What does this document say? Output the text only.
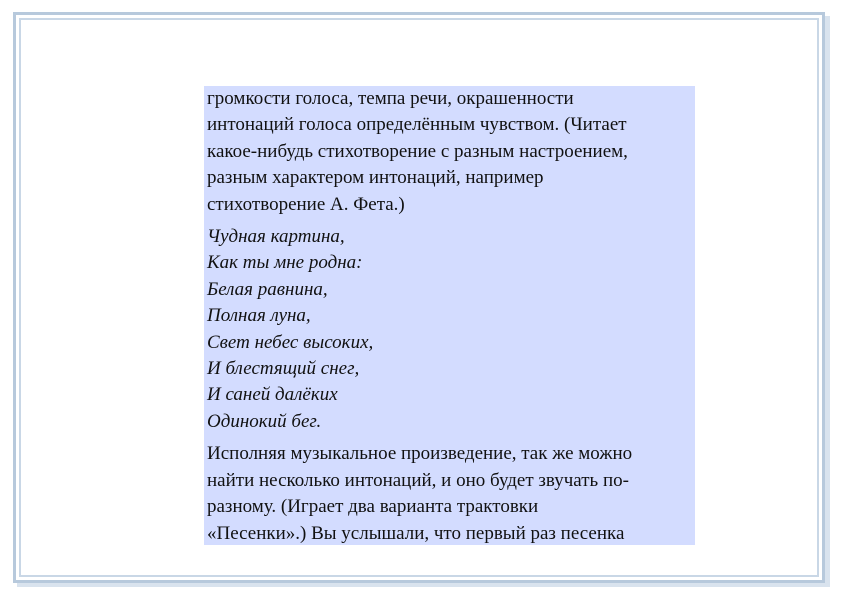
громкости голоса, темпа речи, окрашенности
интонаций голоса определённым чувством. (Читает
какое-нибудь стихотворение с разным настроением,
разным характером интонаций, например
стихотворение А. Фета.)

Чудная картина,
Как ты мне родна:
Белая равнина,
Полная луна,
Свет небес высоких,
И блестящий снег,
И саней далёких
Одинокий бег.

Исполняя музыкальное произведение, так же можно
найти несколько интонаций, и оно будет звучать по-
разному. (Играет два варианта трактовки
«Песенки».) Вы услышали, что первый раз песенка
